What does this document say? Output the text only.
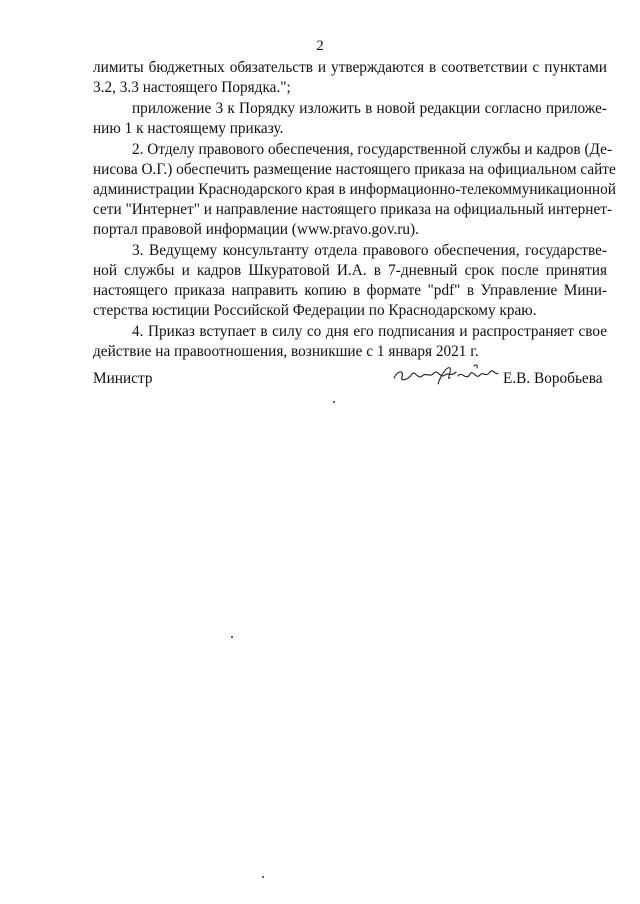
2
лимиты бюджетных обязательств и утверждаются в соответствии с пунктами
3.2, 3.3 настоящего Порядка.";
приложение 3 к Порядку изложить в новой редакции согласно приложе-
нию 1 к настоящему приказу.
2. Отделу правового обеспечения, государственной службы и кадров (Де-
нисова О.Г.) обеспечить размещение настоящего приказа на официальном сайте
администрации Краснодарского края в информационно-телекоммуникационной
сети "Интернет" и направление настоящего приказа на официальный интернет-
портал правовой информации (www.pravo.gov.ru).
3. Ведущему консультанту отдела правового обеспечения, государстве-
ной службы и кадров Шкуратовой И.А. в 7-дневный срок после принятия
настоящего приказа направить копию в формате "pdf" в Управление Мини-
стерства юстиции Российской Федерации по Краснодарскому краю.
4. Приказ вступает в силу со дня его подписания и распространяет свое
действие на правоотношения, возникшие с 1 января 2021 г.
Министр	Е.В. Воробьева
